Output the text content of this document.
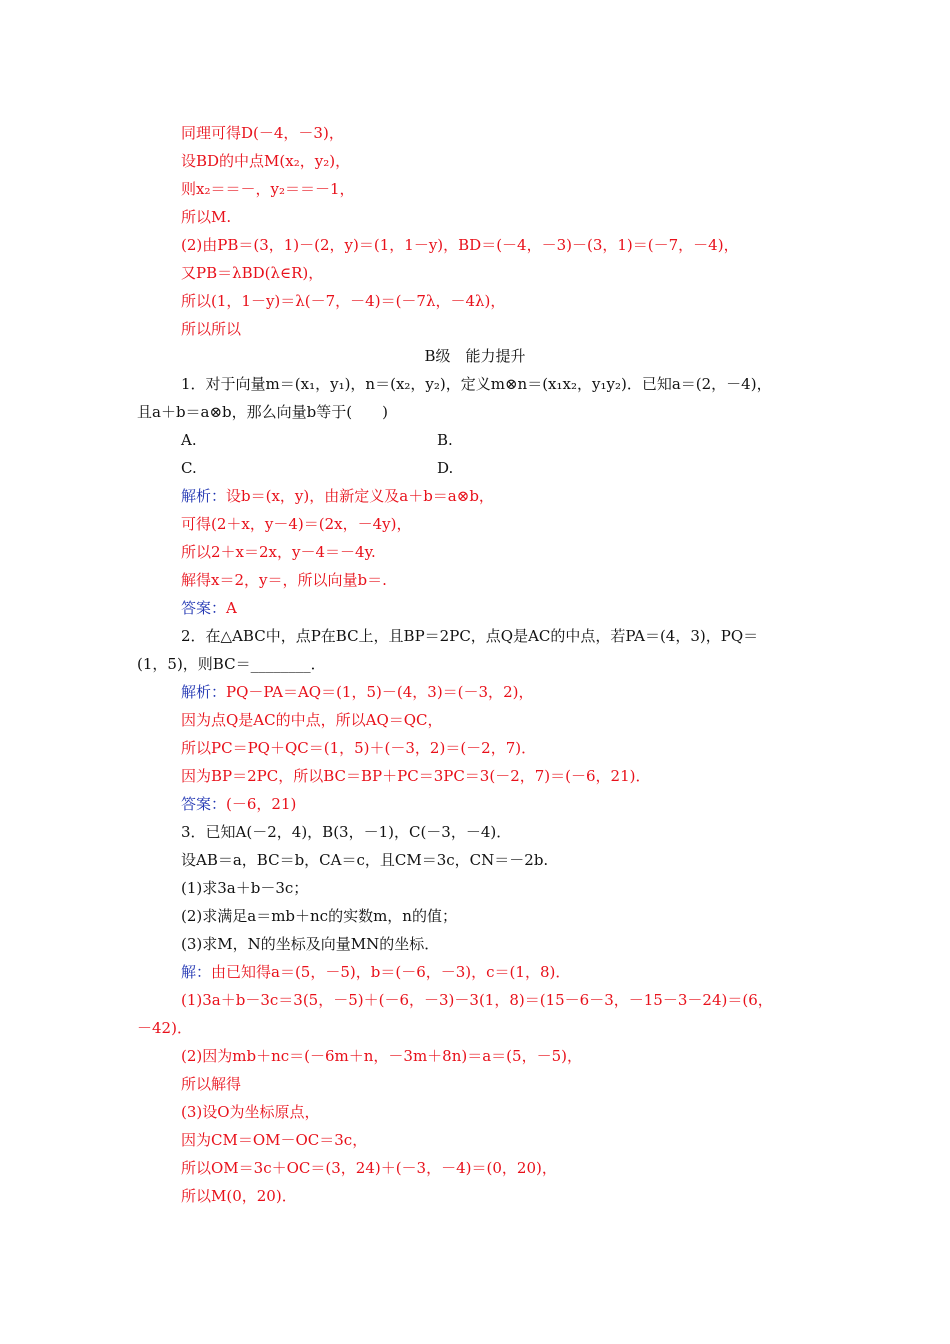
同理可得D(－4，－3)，
设BD的中点M(x₂，y₂)，
则x₂＝＝－，y₂＝＝－1，
所以M.
(2)由PB＝(3，1)－(2，y)＝(1，1－y)，BD＝(－4，－3)－(3，1)＝(－7，－4)，
又PB＝λBD(λ∈R)，
所以(1，1－y)＝λ(－7，－4)＝(－7λ，－4λ)，
所以所以
B级　能力提升
1．对于向量m＝(x₁，y₁)，n＝(x₂，y₂)，定义m⊗n＝(x₁x₂，y₁y₂)．已知a＝(2，－4)，
且a＋b＝a⊗b，那么向量b等于(　　)
A.	B.
C.	D.
解析：设b＝(x，y)，由新定义及a＋b＝a⊗b，
可得(2＋x，y－4)＝(2x，－4y)，
所以2＋x＝2x，y－4＝－4y.
解得x＝2，y＝，所以向量b＝.
答案：A
2．在△ABC中，点P在BC上，且BP＝2PC，点Q是AC的中点，若PA＝(4，3)，PQ＝
(1，5)，则BC＝________．
解析：PQ－PA＝AQ＝(1，5)－(4，3)＝(－3，2)，
因为点Q是AC的中点，所以AQ＝QC，
所以PC＝PQ＋QC＝(1，5)＋(－3，2)＝(－2，7)．
因为BP＝2PC，所以BC＝BP＋PC＝3PC＝3(－2，7)＝(－6，21)．
答案：(－6，21)
3．已知A(－2，4)，B(3，－1)，C(－3，－4)．
设AB＝a，BC＝b，CA＝c，且CM＝3c，CN＝－2b.
(1)求3a＋b－3c；
(2)求满足a＝mb＋nc的实数m，n的值；
(3)求M，N的坐标及向量MN的坐标．
解：由已知得a＝(5，－5)，b＝(－6，－3)，c＝(1，8)．
(1)3a＋b－3c＝3(5，－5)＋(－6，－3)－3(1，8)＝(15－6－3，－15－3－24)＝(6，
－42)．
(2)因为mb＋nc＝(－6m＋n，－3m＋8n)＝a＝(5，－5)，
所以解得
(3)设O为坐标原点，
因为CM＝OM－OC＝3c，
所以OM＝3c＋OC＝(3，24)＋(－3，－4)＝(0，20)，
所以M(0，20)．
